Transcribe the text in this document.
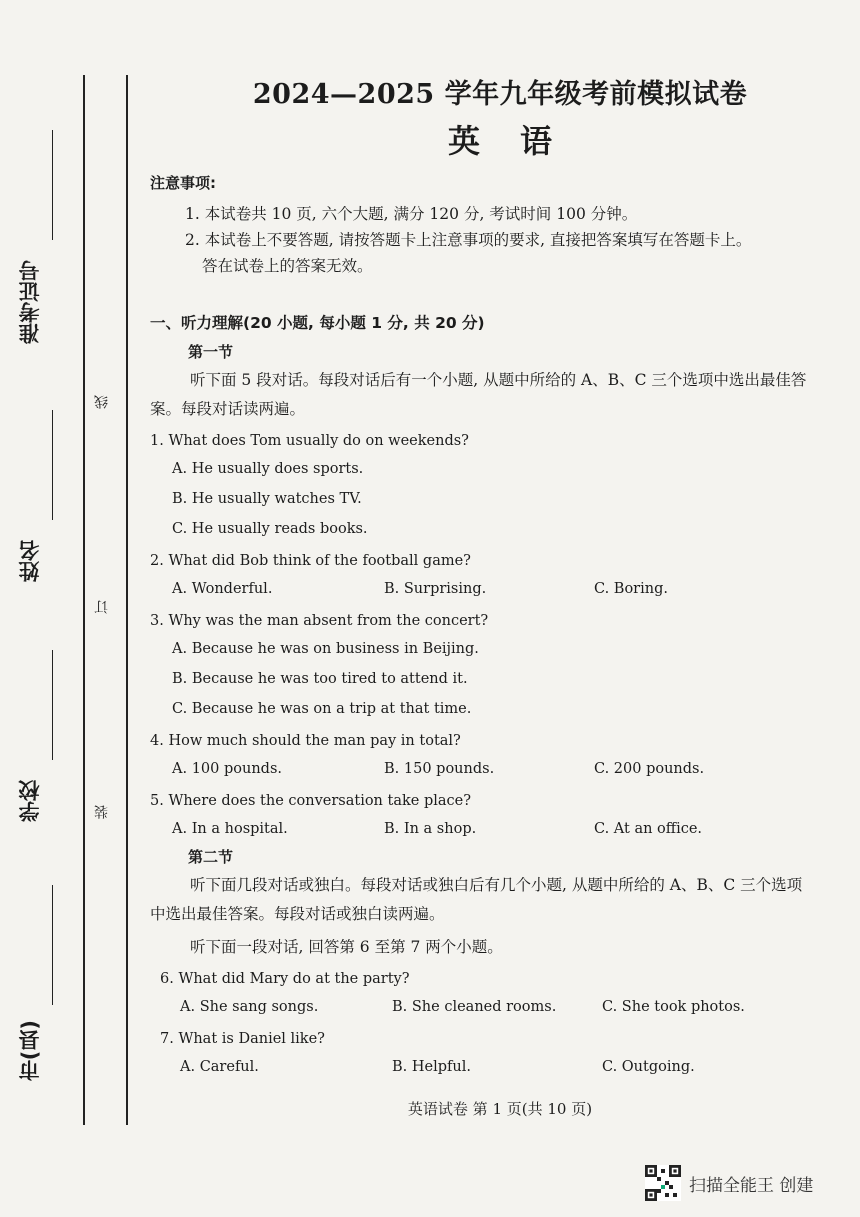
准考证号
姓名
学校
市(县)
线
订
装
2024—2025 学年九年级考前模拟试卷
英语
注意事项:
1. 本试卷共 10 页, 六个大题, 满分 120 分, 考试时间 100 分钟。
2. 本试卷上不要答题, 请按答题卡上注意事项的要求, 直接把答案填写在答题卡上。
答在试卷上的答案无效。
一、听力理解(20 小题, 每小题 1 分, 共 20 分)
第一节
听下面 5 段对话。每段对话后有一个小题, 从题中所给的 A、B、C 三个选项中选出最佳答案。每段对话读两遍。
1. What does Tom usually do on weekends?
A. He usually does sports.
B. He usually watches TV.
C. He usually reads books.
2. What did Bob think of the football game?
A. Wonderful.	B. Surprising.	C. Boring.
3. Why was the man absent from the concert?
A. Because he was on business in Beijing.
B. Because he was too tired to attend it.
C. Because he was on a trip at that time.
4. How much should the man pay in total?
A. 100 pounds.	B. 150 pounds.	C. 200 pounds.
5. Where does the conversation take place?
A. In a hospital.	B. In a shop.	C. At an office.
第二节
听下面几段对话或独白。每段对话或独白后有几个小题, 从题中所给的 A、B、C 三个选项中选出最佳答案。每段对话或独白读两遍。
听下面一段对话, 回答第 6 至第 7 两个小题。
6. What did Mary do at the party?
A. She sang songs.	B. She cleaned rooms.	C. She took photos.
7. What is Daniel like?
A. Careful.	B. Helpful.	C. Outgoing.
英语试卷 第 1 页(共 10 页)
扫描全能王 创建
